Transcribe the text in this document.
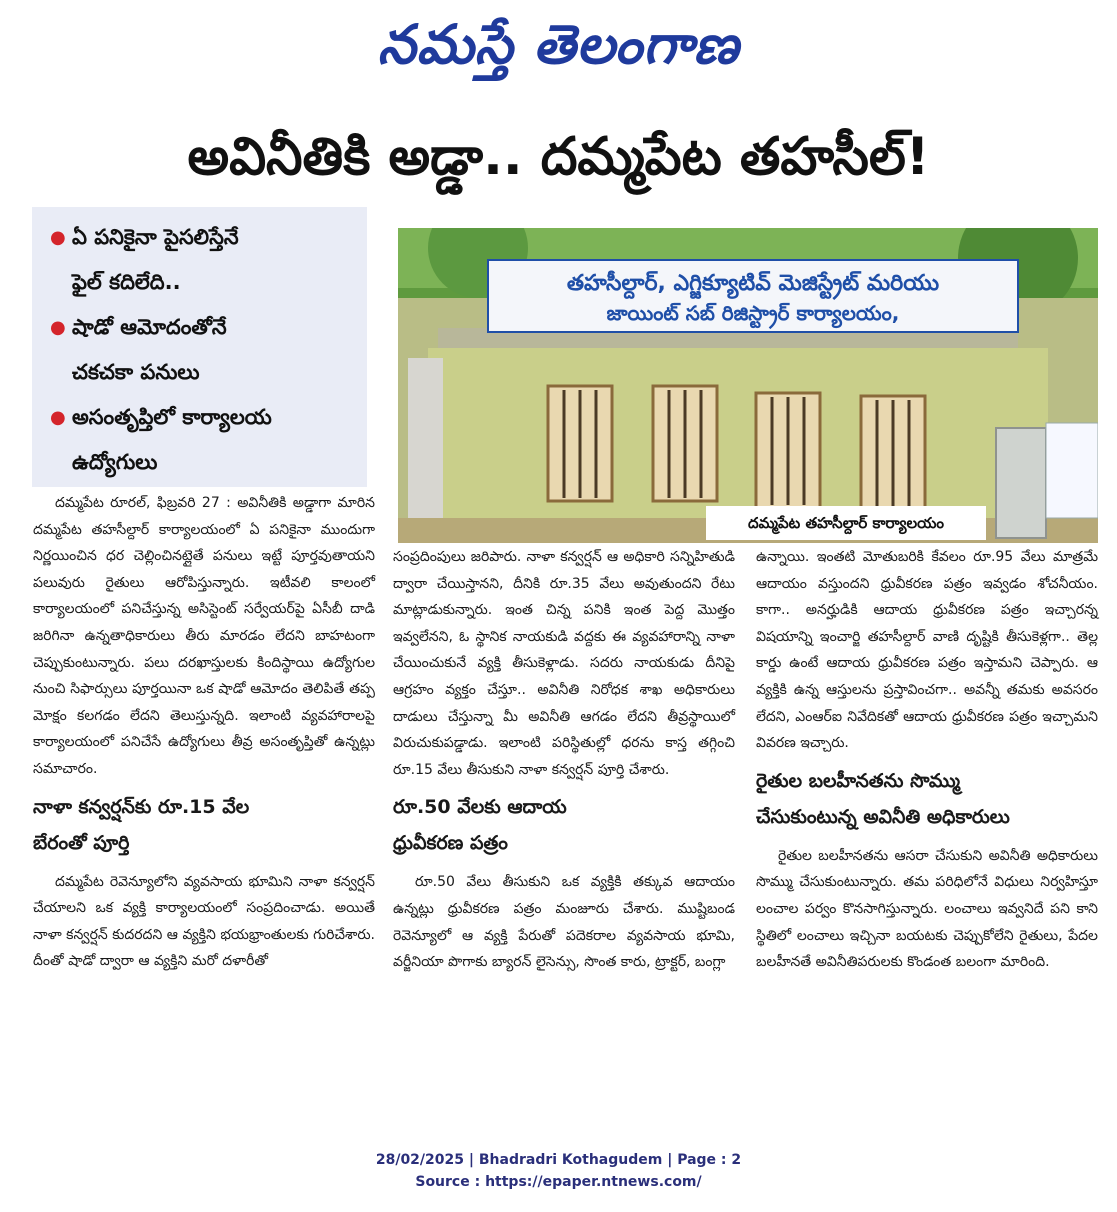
నమస్తే తెలంగాణ
అవినీతికి అడ్డా.. దమ్మపేట తహసీల్‌!
● ఏ పనికైనా పైసలిస్తేనే
ఫైల్‌ కదిలేది..
● షాడో ఆమోదంతోనే
చకచకా పనులు
● అసంతృప్తిలో కార్యాలయ
ఉద్యోగులు
తహసీల్దార్‌, ఎగ్జిక్యూటివ్‌ మెజిస్ట్రేట్‌ మరియు
జాయింట్‌ సబ్‌ రిజిస్ట్రార్‌ కార్యాలయం,
దమ్మపేట తహసీల్దార్‌ కార్యాలయం

దమ్మపేట రూరల్‌, ఫిబ్రవరి 27 : అవినీతికి అడ్డాగా మారిన దమ్మపేట తహసీల్దార్‌ కార్యాలయంలో ఏ పనికైనా ముందుగా నిర్ణయించిన ధర చెల్లించినట్లైతే పనులు ఇట్టే పూర్తవుతాయని పలువురు రైతులు ఆరోపిస్తున్నారు. ఇటీవలి కాలంలో కార్యాలయంలో పనిచేస్తున్న అసిస్టెంట్‌ సర్వేయర్‌పై ఏసీబీ దాడి జరిగినా ఉన్నతాధికారులు తీరు మారడం లేదని బాహటంగా చెప్పుకుంటున్నారు. పలు దరఖాస్తులకు కిందిస్థాయి ఉద్యోగుల నుంచి సిఫార్సులు పూర్తయినా ఒక షాడో ఆమోదం తెలిపితే తప్ప మోక్షం కలగడం లేదని తెలుస్తున్నది. ఇలాంటి వ్యవహారాలపై కార్యాలయంలో పనిచేసే ఉద్యోగులు తీవ్ర అసంతృప్తితో ఉన్నట్లు సమాచారం.

నాళా కన్వర్షన్‌కు రూ.15 వేల
బేరంతో పూర్తి

దమ్మపేట రెవెన్యూలోని వ్యవసాయ భూమిని నాళా కన్వర్షన్‌ చేయాలని ఒక వ్యక్తి కార్యాలయంలో సంప్రదించాడు. అయితే నాళా కన్వర్షన్‌ కుదరదని ఆ వ్యక్తిని భయభ్రాంతులకు గురిచేశారు. దీంతో షాడో ద్వారా ఆ వ్యక్తిని మరో దళారీతో

సంప్రదింపులు జరిపారు. నాళా కన్వర్షన్‌ ఆ అధికారి సన్నిహితుడి ద్వారా చేయిస్తానని, దీనికి రూ.35 వేలు అవుతుందని రేటు మాట్లాడుకున్నారు. ఇంత చిన్న పనికి ఇంత పెద్ద మొత్తం ఇవ్వలేనని, ఓ స్థానిక నాయకుడి వద్దకు ఈ వ్యవహారాన్ని నాళా చేయించుకునే వ్యక్తి తీసుకెళ్లాడు. సదరు నాయకుడు దీనిపై ఆగ్రహం వ్యక్తం చేస్తూ.. అవినీతి నిరోధక శాఖ అధికారులు దాడులు చేస్తున్నా మీ అవినీతి ఆగడం లేదని తీవ్రస్థాయిలో విరుచుకుపడ్డాడు. ఇలాంటి పరిస్థితుల్లో ధరను కాస్త తగ్గించి రూ.15 వేలు తీసుకుని నాళా కన్వర్షన్‌ పూర్తి చేశారు.

రూ.50 వేలకు ఆదాయ
ధ్రువీకరణ పత్రం

రూ.50 వేలు తీసుకుని ఒక వ్యక్తికి తక్కువ ఆదాయం ఉన్నట్లు ధ్రువీకరణ పత్రం మంజూరు చేశారు. ముష్టిబండ రెవెన్యూలో ఆ వ్యక్తి పేరుతో పదెకరాల వ్యవసాయ భూమి, వర్జీనియా పొగాకు బ్యారన్‌ లైసెన్సు, సొంత కారు, ట్రాక్టర్‌, బంగ్లా

ఉన్నాయి. ఇంతటి మోతుబరికి కేవలం రూ.95 వేలు మాత్రమే ఆదాయం వస్తుందని ధ్రువీకరణ పత్రం ఇవ్వడం శోచనీయం. కాగా.. అనర్హుడికి ఆదాయ ధ్రువీకరణ పత్రం ఇచ్చారన్న విషయాన్ని ఇంచార్జి తహసీల్దార్‌ వాణి దృష్టికి తీసుకెళ్లగా.. తెల్ల కార్డు ఉంటే ఆదాయ ధ్రువీకరణ పత్రం ఇస్తామని చెప్పారు. ఆ వ్యక్తికి ఉన్న ఆస్తులను ప్రస్తావించగా.. అవన్నీ తమకు అవసరం లేదని, ఎంఆర్‌ఐ నివేదికతో ఆదాయ ధ్రువీకరణ పత్రం ఇచ్చామని వివరణ ఇచ్చారు.

రైతుల బలహీనతను సొమ్ము
చేసుకుంటున్న అవినీతి అధికారులు

రైతుల బలహీనతను ఆసరా చేసుకుని అవినీతి అధికారులు సొమ్ము చేసుకుంటున్నారు. తమ పరిధిలోనే విధులు నిర్వహిస్తూ లంచాల పర్వం కొనసాగిస్తున్నారు. లంచాలు ఇవ్వనిదే పని కాని స్థితిలో లంచాలు ఇచ్చినా బయటకు చెప్పుకోలేని రైతులు, పేదల బలహీనతే అవినీతిపరులకు కొండంత బలంగా మారింది.

28/02/2025 | Bhadradri Kothagudem | Page : 2
Source : https://epaper.ntnews.com/
